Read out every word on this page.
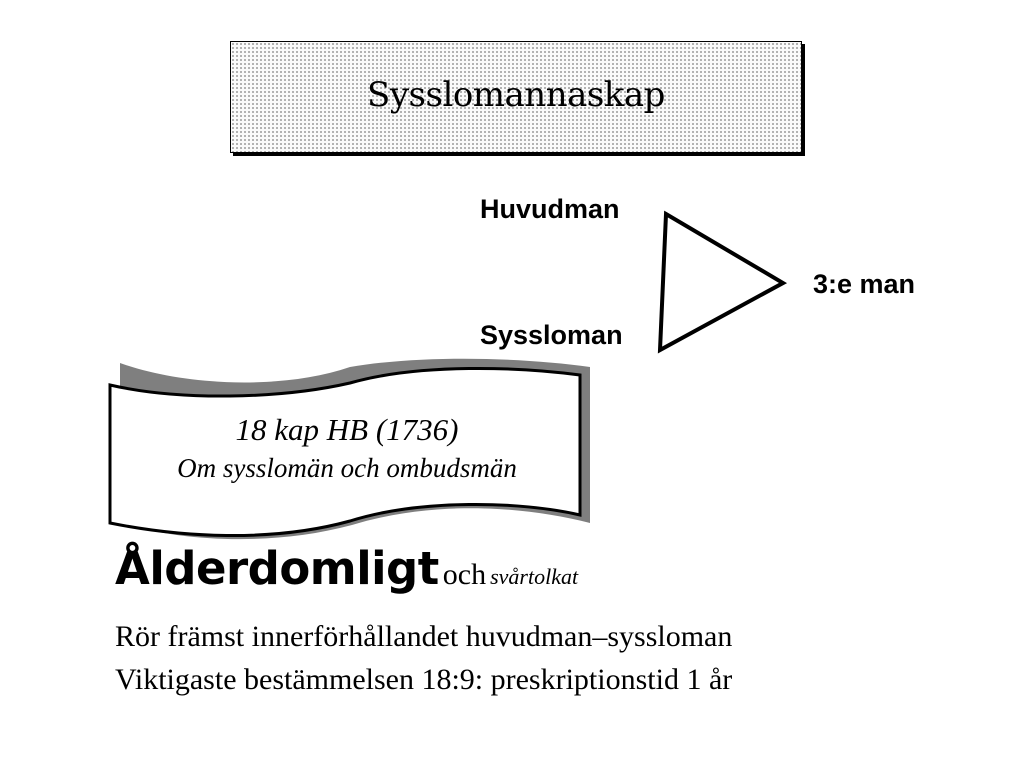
Sysslomannaskap
Huvudman
Syssloman
3:e man
18 kap HB (1736)
Om sysslomän och ombudsmän
Ålderdomligt och svårtolkat
Rör främst innerförhållandet huvudman–syssloman
Viktigaste bestämmelsen 18:9: preskriptionstid 1 år
